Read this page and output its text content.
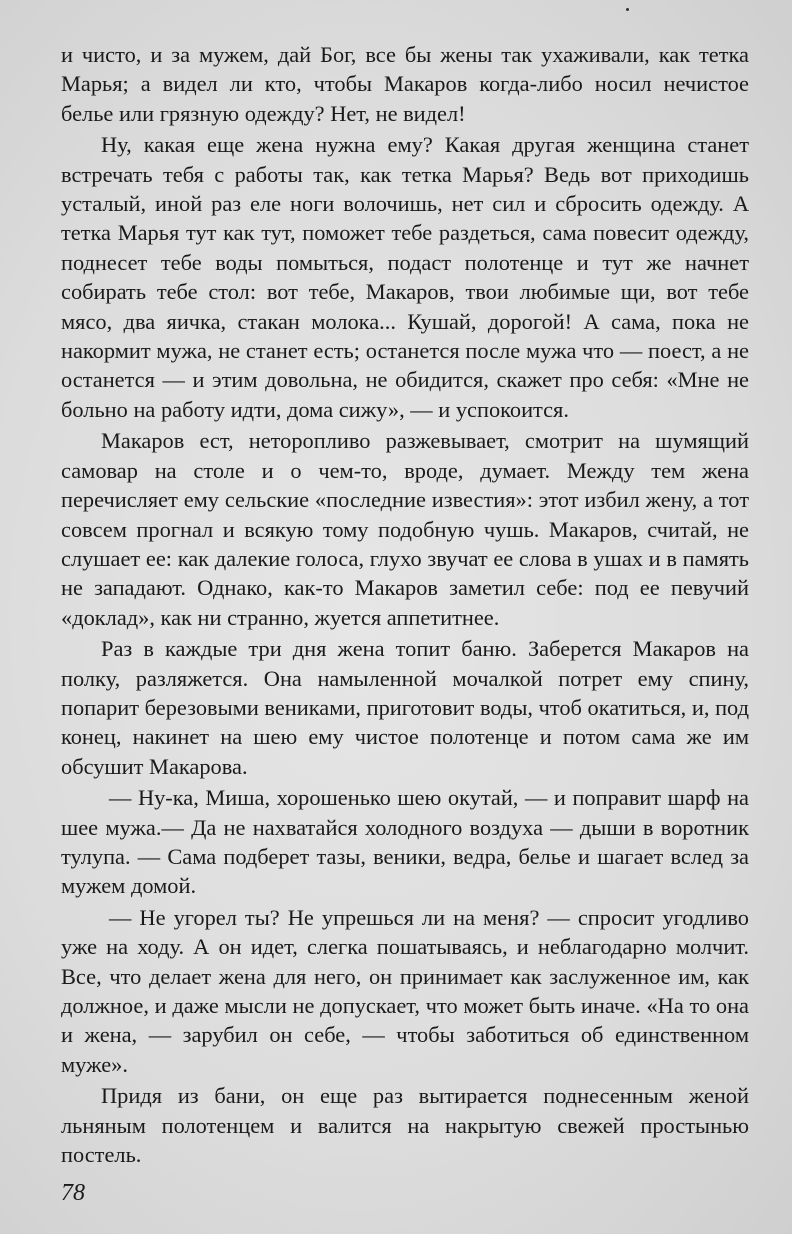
и чисто, и за мужем, дай Бог, все бы жены так ухаживали, как тетка Марья; а видел ли кто, чтобы Макаров когда-либо носил нечистое белье или грязную одежду? Нет, не видел!

Ну, какая еще жена нужна ему? Какая другая женщина станет встречать тебя с работы так, как тетка Марья? Ведь вот приходишь усталый, иной раз еле ноги волочишь, нет сил и сбросить одежду. А тетка Марья тут как тут, поможет тебе раздеться, сама повесит одежду, поднесет тебе воды помыться, подаст полотенце и тут же начнет собирать тебе стол: вот тебе, Макаров, твои любимые щи, вот тебе мясо, два яичка, стакан молока... Кушай, дорогой! А сама, пока не накормит мужа, не станет есть; останется после мужа что — поест, а не останется — и этим довольна, не обидится, скажет про себя: «Мне не больно на работу идти, дома сижу», — и успокоится.

Макаров ест, неторопливо разжевывает, смотрит на шумящий самовар на столе и о чем-то, вроде, думает. Между тем жена перечисляет ему сельские «последние известия»: этот избил жену, а тот совсем прогнал и всякую тому подобную чушь. Макаров, считай, не слушает ее: как далекие голоса, глухо звучат ее слова в ушах и в память не западают. Однако, как-то Макаров заметил себе: под ее певучий «доклад», как ни странно, жуется аппетитнее.

Раз в каждые три дня жена топит баню. Заберется Макаров на полку, разляжется. Она намыленной мочалкой потрет ему спину, попарит березовыми вениками, приготовит воды, чтоб окатиться, и, под конец, накинет на шею ему чистое полотенце и потом сама же им обсушит Макарова.

— Ну-ка, Миша, хорошенько шею окутай, — и поправит шарф на шее мужа.— Да не нахватайся холодного воздуха — дыши в воротник тулупа. — Сама подберет тазы, веники, ведра, белье и шагает вслед за мужем домой.

— Не угорел ты? Не упрешься ли на меня? — спросит угодливо уже на ходу. А он идет, слегка пошатываясь, и неблагодарно молчит. Все, что делает жена для него, он принимает как заслуженное им, как должное, и даже мысли не допускает, что может быть иначе. «На то она и жена, — зарубил он себе, — чтобы заботиться об единственном муже».

Придя из бани, он еще раз вытирается поднесенным женой льняным полотенцем и валится на накрытую свежей простынью постель.

78
